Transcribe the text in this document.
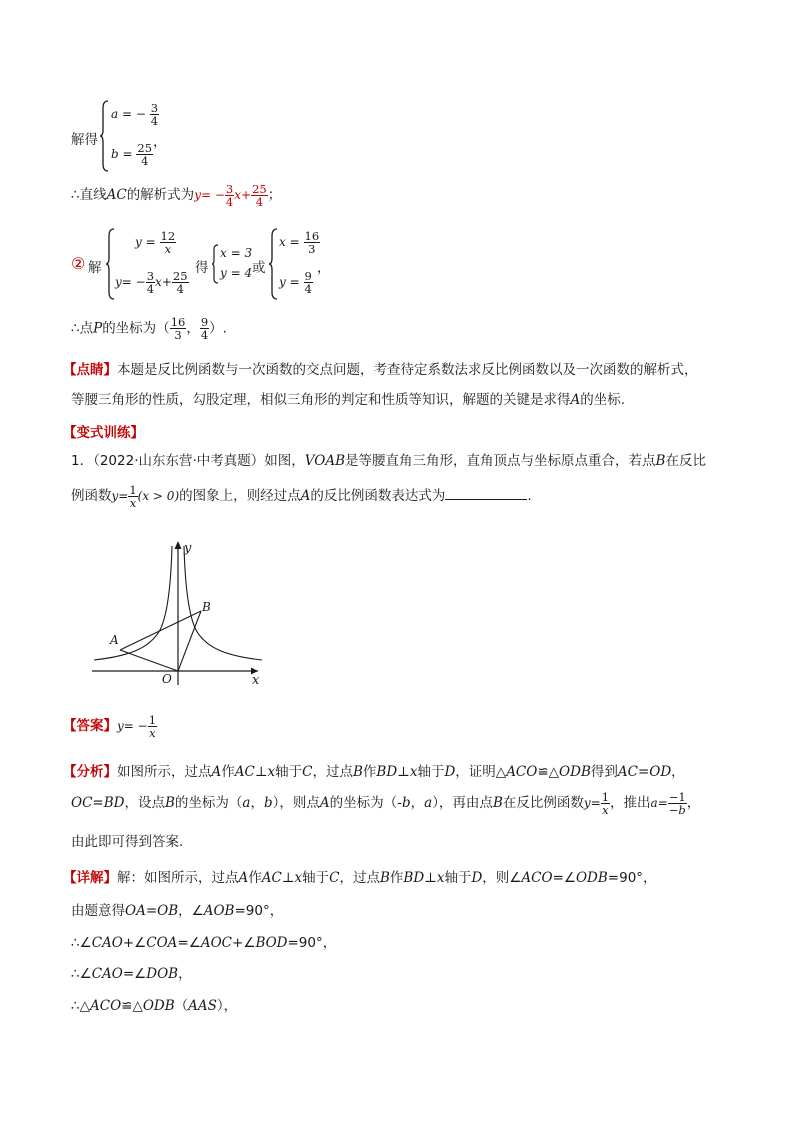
解得
a = − $\frac{3}{4}$
$b = \frac{25}{4}$ ，
∴直线AC的解析式为$y= - \frac{3}{4} x+ \frac{25}{4}$ ；
② 解
$y = \frac{12}{x}$
$y= - \frac{3}{4} x+ \frac{25}{4}$
得
x = 3
y = 4 或
$x = \frac{16}{3}$
$y = \frac{9}{4}$
，
∴点P的坐标为（ $\frac{16}{3}$ ， $\frac{9}{4}$ ）.
【点睛】本题是反比例函数与一次函数的交点问题，考查待定系数法求反比例函数以及一次函数的解析式，
等腰三角形的性质，勾股定理，相似三角形的判定和性质等知识，解题的关键是求得A的坐标.
【变式训练】
1．（2022·山东东营·中考真题）如图，VOAB是等腰直角三角形，直角顶点与坐标原点重合，若点B在反比
例函数$y= \frac{1}{x} (x > 0)$的图象上，则经过点A的反比例函数表达式为	.
y
x
O
A
B
【答案】$y= - \frac{1}{x}$
【分析】如图所示，过点A作AC⊥x轴于C，过点B作BD⊥x轴于D，证明△ACO≌△ODB得到AC=OD，
OC=BD，设点B的坐标为（a，b），则点A的坐标为（-b，a），再由点B在反比例函数$y= \frac{1}{x}$ ，推出$a= \frac{-1}{-b}$ ，
由此即可得到答案.
【详解】解：如图所示，过点A作AC⊥x轴于C，过点B作BD⊥x轴于D，则∠ACO=∠ODB=90°，
由题意得OA=OB，∠AOB=90°，
∴∠CAO+∠COA=∠AOC+∠BOD=90°，
∴∠CAO=∠DOB，
∴△ACO≌△ODB（AAS），
